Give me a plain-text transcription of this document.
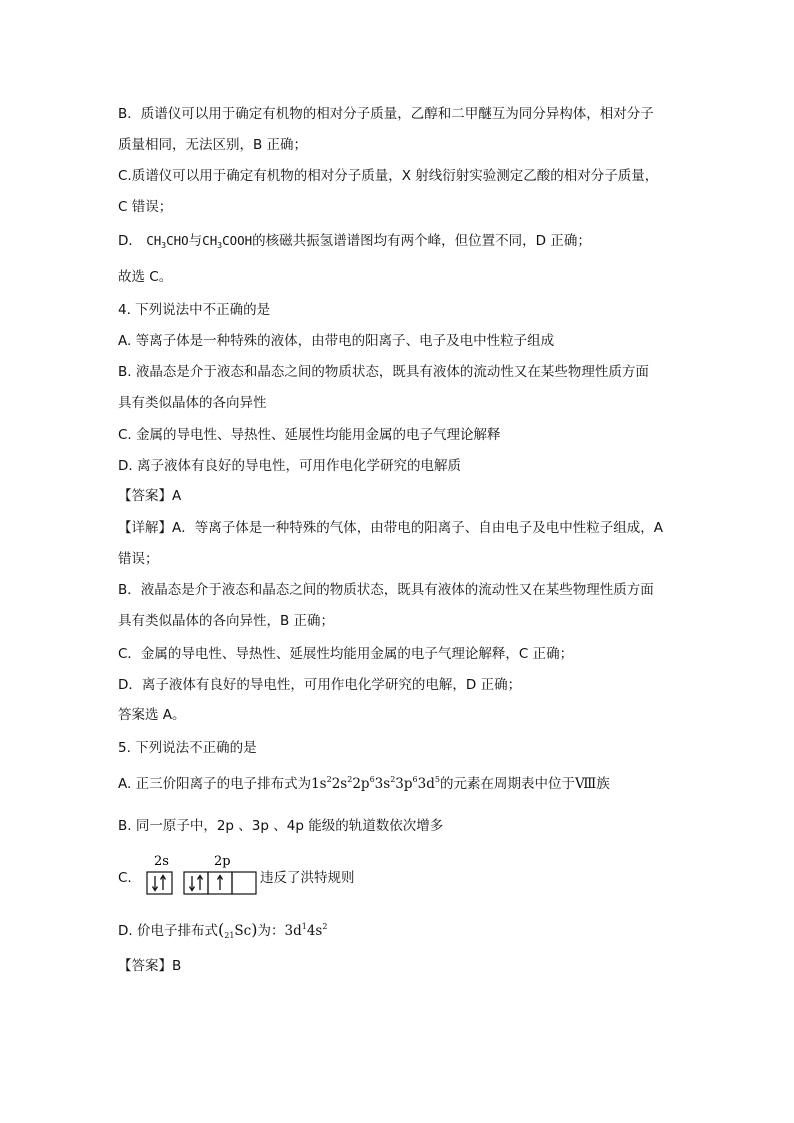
B．质谱仪可以用于确定有机物的相对分子质量，乙醇和二甲醚互为同分异构体，相对分子

质量相同，无法区别，B 正确；

C.质谱仪可以用于确定有机物的相对分子质量，X 射线衍射实验测定乙酸的相对分子质量，

C 错误；

D． $CH_3CHO$与$CH_3COOH$的核磁共振氢谱谱图均有两个峰，但位置不同，D 正确；

故选 C。

4. 下列说法中不正确的是

A. 等离子体是一种特殊的液体，由带电的阳离子、电子及电中性粒子组成

B. 液晶态是介于液态和晶态之间的物质状态，既具有液体的流动性又在某些物理性质方面

具有类似晶体的各向异性

C. 金属的导电性、导热性、延展性均能用金属的电子气理论解释

D. 离子液体有良好的导电性，可用作电化学研究的电解质

【答案】A

【详解】A．等离子体是一种特殊的气体，由带电的阳离子、自由电子及电中性粒子组成，A

错误；

B．液晶态是介于液态和晶态之间的物质状态，既具有液体的流动性又在某些物理性质方面

具有类似晶体的各向异性，B 正确；

C．金属的导电性、导热性、延展性均能用金属的电子气理论解释，C 正确；

D．离子液体有良好的导电性，可用作电化学研究的电解，D 正确；

答案选 A。

5. 下列说法不正确的是

A. 正三价阳离子的电子排布式为$1s^22s^22p^63s^23p^63d^5$的元素在周期表中位于Ⅷ族

B. 同一原子中，2p 、3p 、4p 能级的轨道数依次增多

C.

2s	2p

违反了洪特规则

D. 价电子排布式$(_{21}Sc)$为：$3d^14s^2$

【答案】B
